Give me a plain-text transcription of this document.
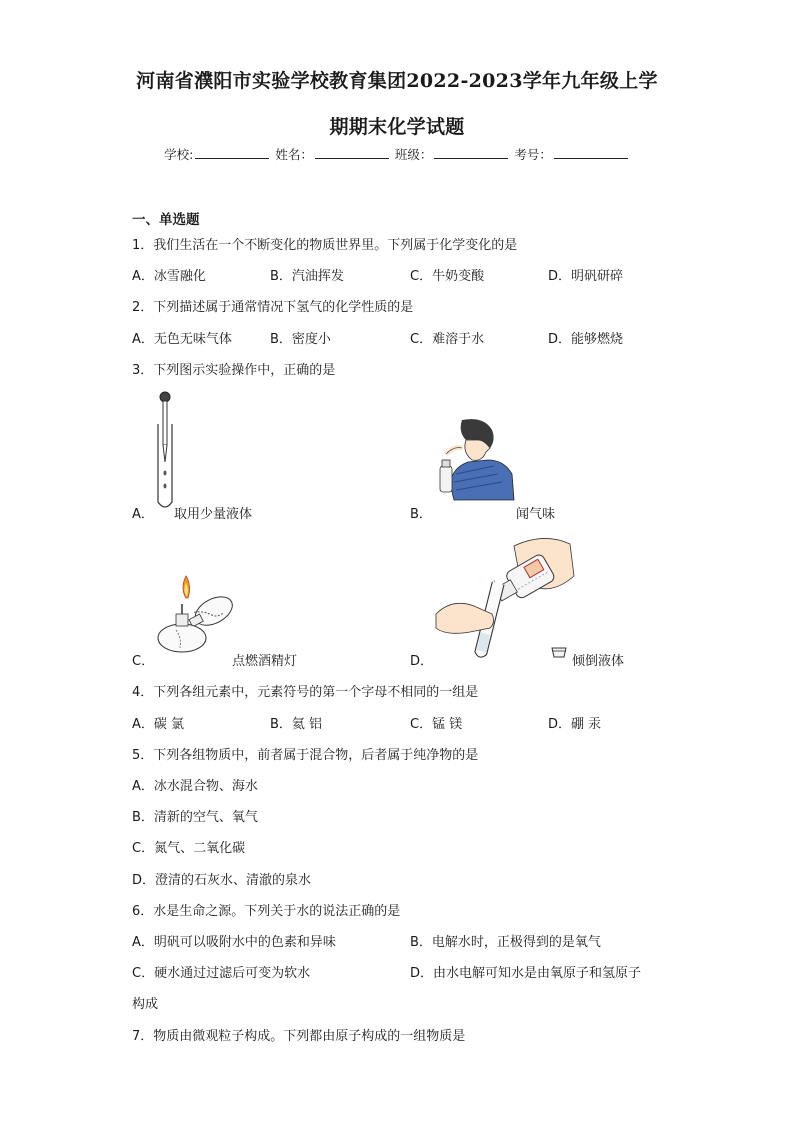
河南省濮阳市实验学校教育集团2022-2023学年九年级上学
期期末化学试题
学校:	姓名：	班级：	考号：
一、单选题
1．我们生活在一个不断变化的物质世界里。下列属于化学变化的是
A．冰雪融化	B．汽油挥发	C．牛奶变酸	D．明矾研碎
2．下列描述属于通常情况下氢气的化学性质的是
A．无色无味气体	B．密度小	C．难溶于水	D．能够燃烧
3．下列图示实验操作中，正确的是
A． 取用少量液体	B．	闻气味
C．	点燃酒精灯	D．	倾倒液体
4．下列各组元素中，元素符号的第一个字母不相同的一组是
A．碳 氯	B．氦 铝	C．锰 镁	D．硼 汞
5．下列各组物质中，前者属于混合物，后者属于纯净物的是
A．冰水混合物、海水
B．清新的空气、氧气
C．氮气、二氧化碳
D．澄清的石灰水、清澈的泉水
6．水是生命之源。下列关于水的说法正确的是
A．明矾可以吸附水中的色素和异味	B．电解水时，正极得到的是氧气
C．硬水通过过滤后可变为软水	D．由水电解可知水是由氧原子和氢原子
构成
7．物质由微观粒子构成。下列都由原子构成的一组物质是
